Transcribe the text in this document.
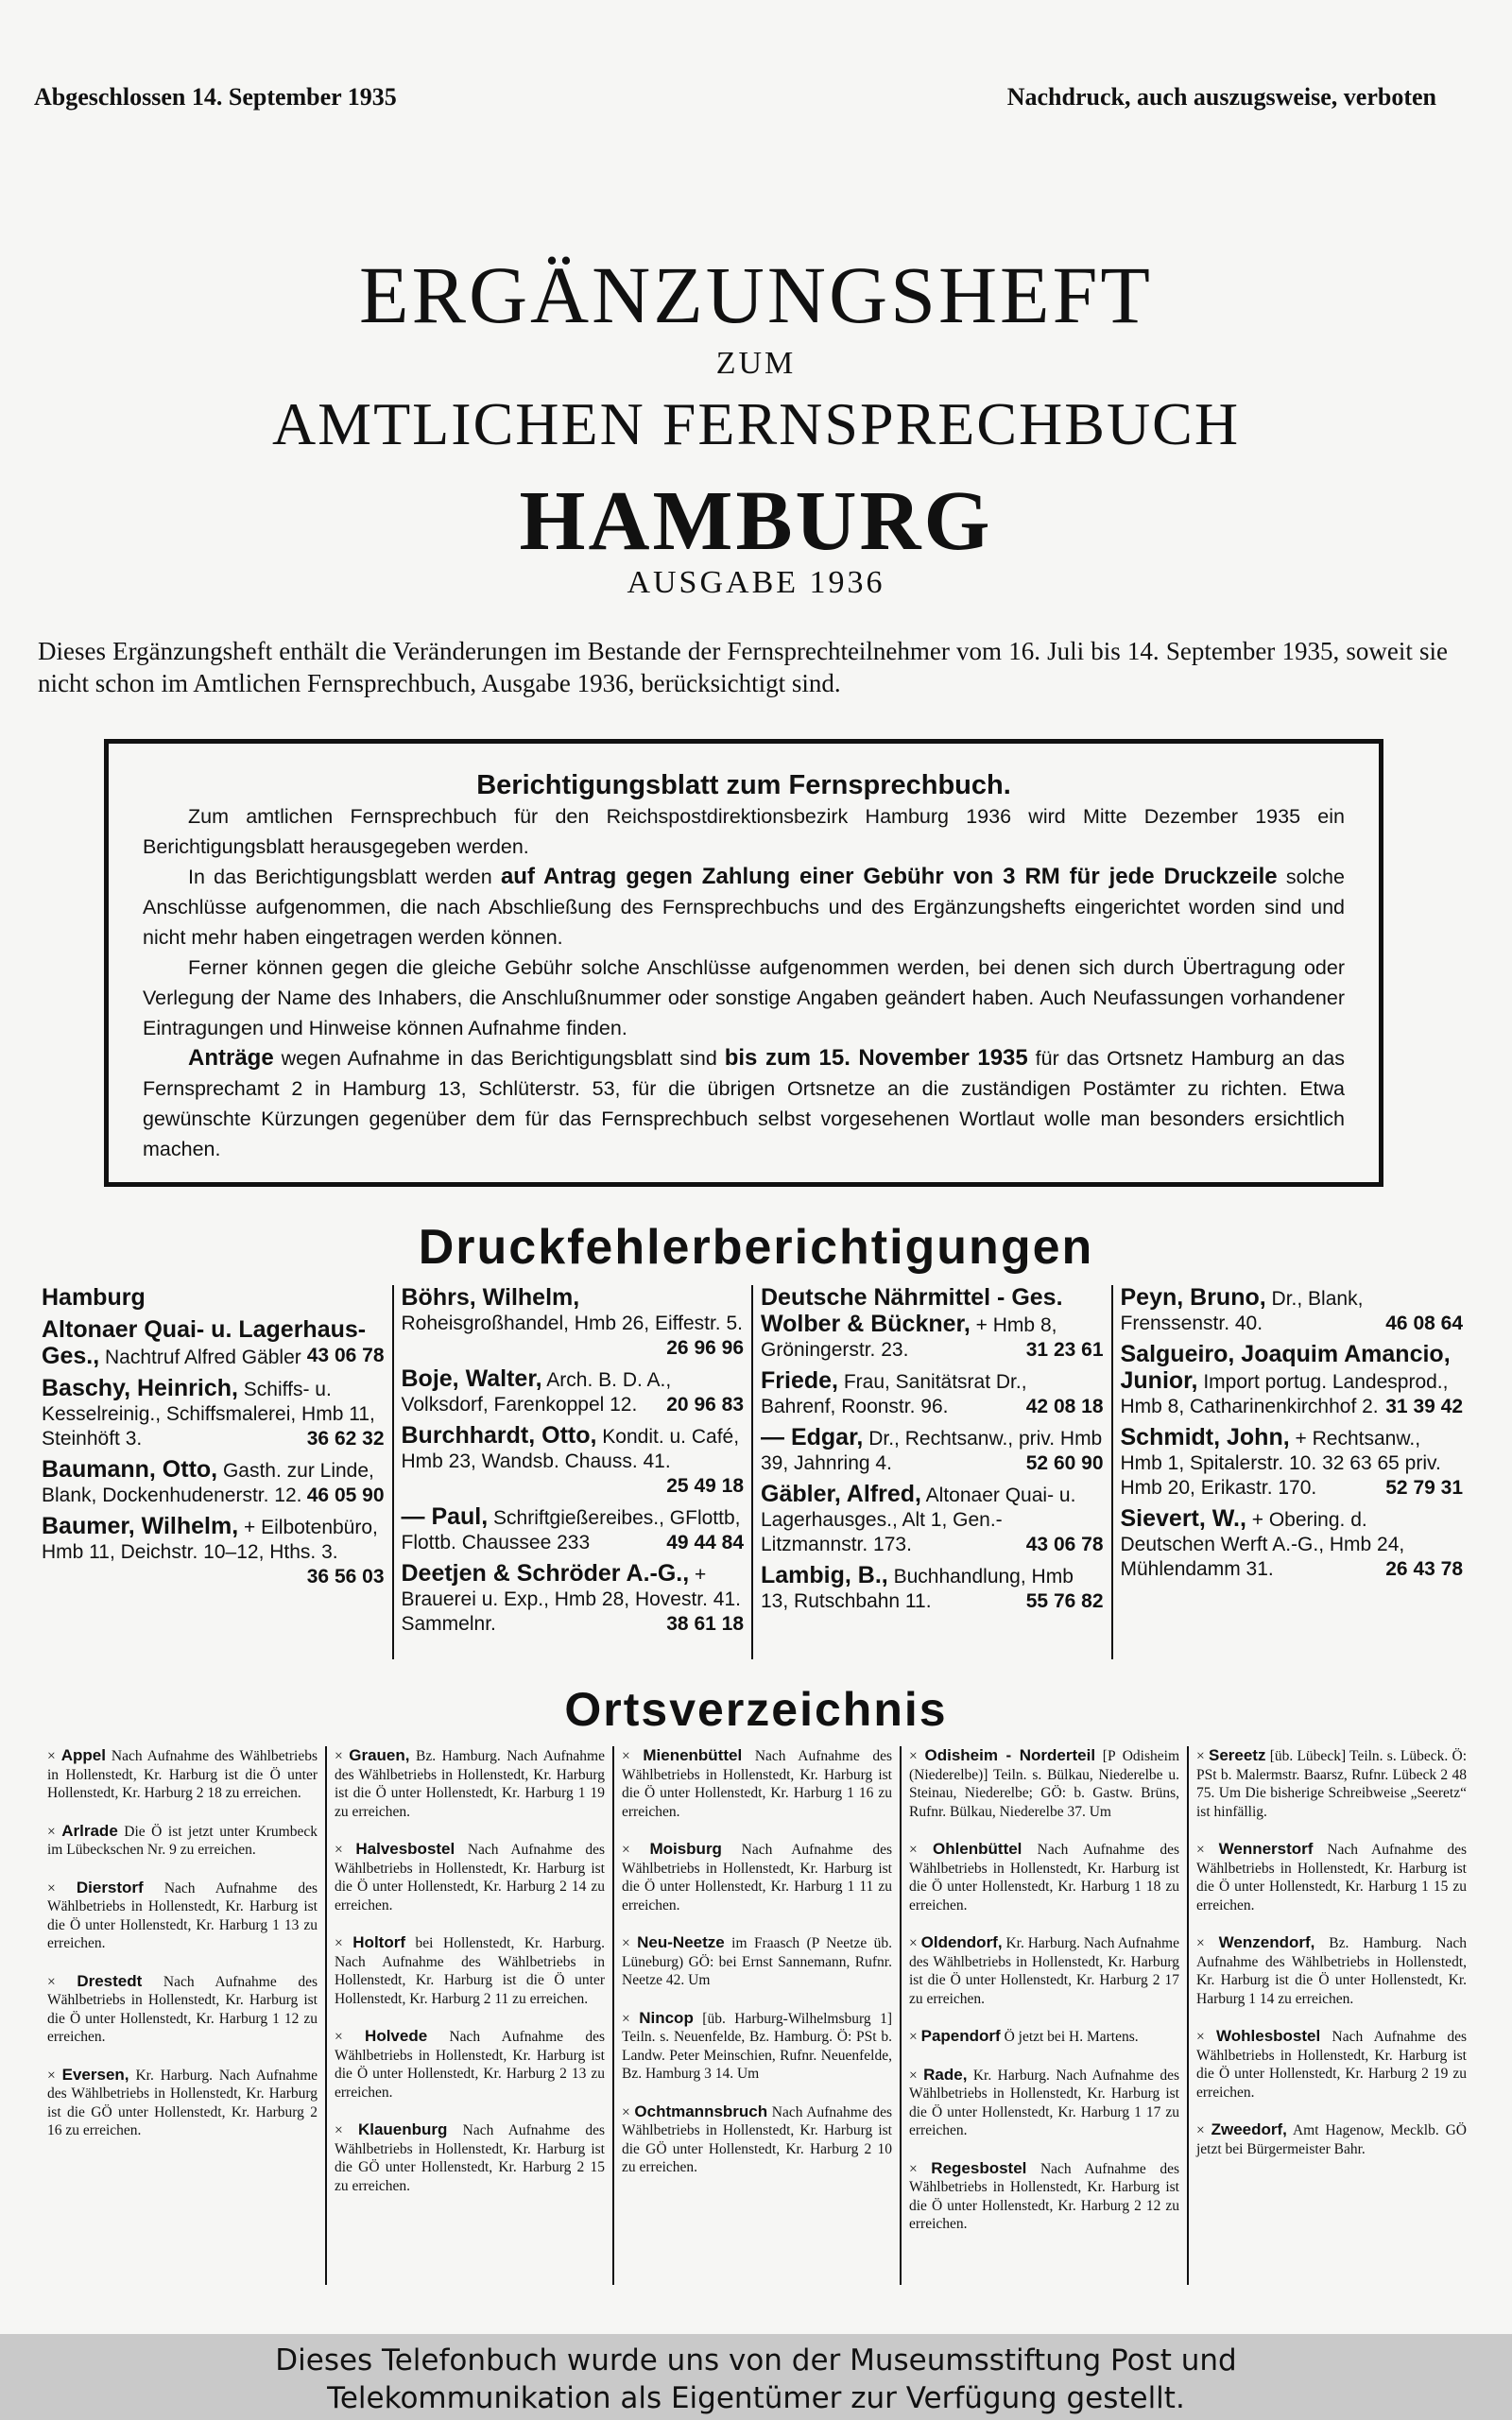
Abgeschlossen 14. September 1935	Nachdruck, auch auszugsweise, verboten
ERGÄNZUNGSHEFT
ZUM
AMTLICHEN FERNSPRECHBUCH
HAMBURG
AUSGABE 1936
Dieses Ergänzungsheft enthält die Veränderungen im Bestande der Fernsprechteilnehmer vom 16. Juli bis 14. September 1935, soweit sie nicht schon im Amtlichen Fernsprechbuch, Ausgabe 1936, berücksichtigt sind.
Berichtigungsblatt zum Fernsprechbuch.
Zum amtlichen Fernsprechbuch für den Reichspostdirektionsbezirk Hamburg 1936 wird Mitte Dezember 1935 ein Berichtigungsblatt herausgegeben werden.
In das Berichtigungsblatt werden auf Antrag gegen Zahlung einer Gebühr von 3 RM für jede Druckzeile solche Anschlüsse aufgenommen, die nach Abschließung des Fernsprechbuchs und des Ergänzungshefts eingerichtet worden sind und nicht mehr haben eingetragen werden können.
Ferner können gegen die gleiche Gebühr solche Anschlüsse aufgenommen werden, bei denen sich durch Übertragung oder Verlegung der Name des Inhabers, die Anschlußnummer oder sonstige Angaben geändert haben. Auch Neufassungen vorhandener Eintragungen und Hinweise können Aufnahme finden.
Anträge wegen Aufnahme in das Berichtigungsblatt sind bis zum 15. November 1935 für das Ortsnetz Hamburg an das Fernsprechamt 2 in Hamburg 13, Schlüterstr. 53, für die übrigen Ortsnetze an die zuständigen Postämter zu richten. Etwa gewünschte Kürzungen gegenüber dem für das Fernsprechbuch selbst vorgesehenen Wortlaut wolle man besonders ersichtlich machen.
Druckfehlerberichtigungen
Hamburg
Altonaer Quai- u. Lagerhaus-Ges., Nachtruf Alfred Gäbler 43 06 78
Baschy, Heinrich, Schiffs- u. Kesselreinig., Schiffsmalerei, Hmb 11, Steinhöft 3.	36 62 32
Baumann, Otto, Gasth. zur Linde, Blank, Dockenhudenerstr. 12. 46 05 90
Baumer, Wilhelm, + Eilbotenbüro, Hmb 11, Deichstr. 10–12, Hths. 3.
36 56 03
Böhrs, Wilhelm, Roheisgroßhandel, Hmb 26, Eiffestr. 5.
26 96 96
Boje, Walter, Arch. B. D. A., Volksdorf, Farenkoppel 12. 20 96 83
Burchhardt, Otto, Kondit. u. Café, Hmb 23, Wandsb. Chauss. 41.
25 49 18
— Paul, Schriftgießereibes., GFlottb, Flottb. Chaussee 233	49 44 84
Deetjen & Schröder A.-G., + Brauerei u. Exp., Hmb 28, Hovestr. 41. Sammelnr.	38 61 18
Deutsche Nährmittel - Ges. Wolber & Bückner, + Hmb 8, Gröningerstr. 23.	31 23 61
Friede, Frau, Sanitätsrat Dr., Bahrenf, Roonstr. 96.	42 08 18
— Edgar, Dr., Rechtsanw., priv. Hmb 39, Jahnring 4.	52 60 90
Gäbler, Alfred, Altonaer Quai- u. Lagerhausges., Alt 1, Gen.-Litzmannstr. 173.	43 06 78
Lambig, B., Buchhandlung, Hmb 13, Rutschbahn 11.	55 76 82
Peyn, Bruno, Dr., Blank, Frenssenstr. 40.	46 08 64
Salgueiro, Joaquim Amancio, Junior, Import portug. Landesprod., Hmb 8, Catharinenkirchhof 2. 31 39 42
Schmidt, John, + Rechtsanw., Hmb 1, Spitalerstr. 10. 32 63 65 priv. Hmb 20, Erikastr. 170.	52 79 31
Sievert, W., + Obering. d. Deutschen Werft A.-G., Hmb 24, Mühlendamm 31.	26 43 78
Ortsverzeichnis
× Appel Nach Aufnahme des Wählbetriebs in Hollenstedt, Kr. Harburg ist die Ö unter Hollenstedt, Kr. Harburg 2 18 zu erreichen.
× Arlrade Die Ö ist jetzt unter Krumbeck im Lübeckschen Nr. 9 zu erreichen.
× Dierstorf Nach Aufnahme des Wählbetriebs in Hollenstedt, Kr. Harburg ist die Ö unter Hollenstedt, Kr. Harburg 1 13 zu erreichen.
× Drestedt Nach Aufnahme des Wählbetriebs in Hollenstedt, Kr. Harburg ist die Ö unter Hollenstedt, Kr. Harburg 1 12 zu erreichen.
× Eversen, Kr. Harburg. Nach Aufnahme des Wählbetriebs in Hollenstedt, Kr. Harburg ist die GÖ unter Hollenstedt, Kr. Harburg 2 16 zu erreichen.
× Grauen, Bz. Hamburg. Nach Aufnahme des Wählbetriebs in Hollenstedt, Kr. Harburg ist die Ö unter Hollenstedt, Kr. Harburg 1 19 zu erreichen.
× Halvesbostel Nach Aufnahme des Wählbetriebs in Hollenstedt, Kr. Harburg ist die Ö unter Hollenstedt, Kr. Harburg 2 14 zu erreichen.
× Holtorf bei Hollenstedt, Kr. Harburg. Nach Aufnahme des Wählbetriebs in Hollenstedt, Kr. Harburg ist die Ö unter Hollenstedt, Kr. Harburg 2 11 zu erreichen.
× Holvede Nach Aufnahme des Wählbetriebs in Hollenstedt, Kr. Harburg ist die Ö unter Hollenstedt, Kr. Harburg 2 13 zu erreichen.
× Klauenburg Nach Aufnahme des Wählbetriebs in Hollenstedt, Kr. Harburg ist die GÖ unter Hollenstedt, Kr. Harburg 2 15 zu erreichen.
× Mienenbüttel Nach Aufnahme des Wählbetriebs in Hollenstedt, Kr. Harburg ist die Ö unter Hollenstedt, Kr. Harburg 1 16 zu erreichen.
× Moisburg Nach Aufnahme des Wählbetriebs in Hollenstedt, Kr. Harburg ist die Ö unter Hollenstedt, Kr. Harburg 1 11 zu erreichen.
× Neu-Neetze im Fraasch (P Neetze üb. Lüneburg) GÖ: bei Ernst Sannemann, Rufnr. Neetze 42. Um
× Nincop [üb. Harburg-Wilhelmsburg 1] Teiln. s. Neuenfelde, Bz. Hamburg. Ö: PSt b. Landw. Peter Meinschien, Rufnr. Neuenfelde, Bz. Hamburg 3 14. Um
× Ochtmannsbruch Nach Aufnahme des Wählbetriebs in Hollenstedt, Kr. Harburg ist die GÖ unter Hollenstedt, Kr. Harburg 2 10 zu erreichen.
× Odisheim - Norderteil [P Odisheim (Niederelbe)] Teiln. s. Bülkau, Niederelbe u. Steinau, Niederelbe; GÖ: b. Gastw. Brüns, Rufnr. Bülkau, Niederelbe 37. Um
× Ohlenbüttel Nach Aufnahme des Wählbetriebs in Hollenstedt, Kr. Harburg ist die Ö unter Hollenstedt, Kr. Harburg 1 18 zu erreichen.
× Oldendorf, Kr. Harburg. Nach Aufnahme des Wählbetriebs in Hollenstedt, Kr. Harburg ist die Ö unter Hollenstedt, Kr. Harburg 2 17 zu erreichen.
× Papendorf Ö jetzt bei H. Martens.
× Rade, Kr. Harburg. Nach Aufnahme des Wählbetriebs in Hollenstedt, Kr. Harburg ist die Ö unter Hollenstedt, Kr. Harburg 1 17 zu erreichen.
× Regesbostel Nach Aufnahme des Wählbetriebs in Hollenstedt, Kr. Harburg ist die Ö unter Hollenstedt, Kr. Harburg 2 12 zu erreichen.
× Sereetz [üb. Lübeck] Teiln. s. Lübeck. Ö: PSt b. Malermstr. Baarsz, Rufnr. Lübeck 2 48 75. Um Die bisherige Schreibweise „Seeretz“ ist hinfällig.
× Wennerstorf Nach Aufnahme des Wählbetriebs in Hollenstedt, Kr. Harburg ist die Ö unter Hollenstedt, Kr. Harburg 1 15 zu erreichen.
× Wenzendorf, Bz. Hamburg. Nach Aufnahme des Wählbetriebs in Hollenstedt, Kr. Harburg ist die Ö unter Hollenstedt, Kr. Harburg 1 14 zu erreichen.
× Wohlesbostel Nach Aufnahme des Wählbetriebs in Hollenstedt, Kr. Harburg ist die Ö unter Hollenstedt, Kr. Harburg 2 19 zu erreichen.
× Zweedorf, Amt Hagenow, Mecklb. GÖ jetzt bei Bürgermeister Bahr.
Dieses Telefonbuch wurde uns von der Museumsstiftung Post und
Telekommunikation als Eigentümer zur Verfügung gestellt.
